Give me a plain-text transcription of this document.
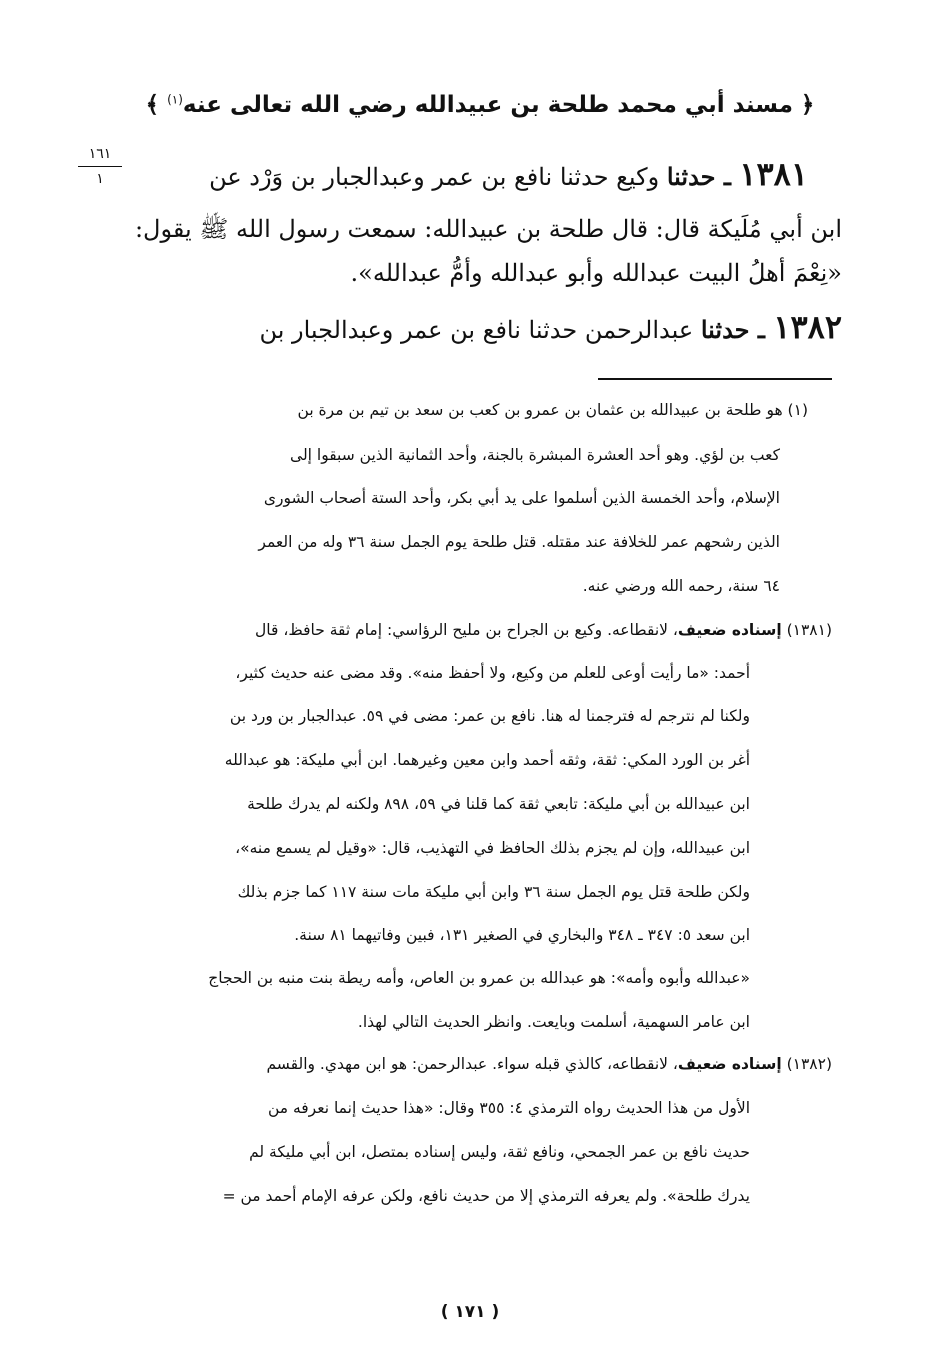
﴿ مسند أبي محمد طلحة بن عبيدالله رضي الله تعالى عنه$^{(١)}$ ﴾
١٦١
١	١٣٨١ ـ حدثنا وكيع حدثنا نافع بن عمر وعبدالجبار بن وَرْد عن
ابن أبي مُلَيكة قال: قال طلحة بن عبيدالله: سمعت رسول الله ﷺ يقول:
«نِعْمَ أهلُ البيت عبدالله وأبو عبدالله وأمُّ عبدالله».
١٣٨٢ ـ حدثنا عبدالرحمن حدثنا نافع بن عمر وعبدالجبار بن
(١) هو طلحة بن عبيدالله بن عثمان بن عمرو بن كعب بن سعد بن تيم بن مرة بن
كعب بن لؤي. وهو أحد العشرة المبشرة بالجنة، وأحد الثمانية الذين سبقوا إلى
الإسلام، وأحد الخمسة الذين أسلموا على يد أبي بكر، وأحد الستة أصحاب الشورى
الذين رشحهم عمر للخلافة عند مقتله. قتل طلحة يوم الجمل سنة ٣٦ وله من العمر
٦٤ سنة، رحمه الله ورضي عنه.
(١٣٨١) إسناده ضعيف، لانقطاعه. وكيع بن الجراح بن مليح الرؤاسي: إمام ثقة حافظ، قال
أحمد: «ما رأيت أوعى للعلم من وكيع، ولا أحفظ منه». وقد مضى عنه حديث كثير،
ولكنا لم نترجم له فترجمنا له هنا. نافع بن عمر: مضى في ٥٩. عبدالجبار بن ورد بن
أغر بن الورد المكي: ثقة، وثقه أحمد وابن معين وغيرهما. ابن أبي مليكة: هو عبدالله
ابن عبيدالله بن أبي مليكة: تابعي ثقة كما قلنا في ٥٩، ٨٩٨ ولكنه لم يدرك طلحة
ابن عبيدالله، وإن لم يجزم بذلك الحافظ في التهذيب، قال: «وقيل لم يسمع منه»،
ولكن طلحة قتل يوم الجمل سنة ٣٦ وابن أبي مليكة مات سنة ١١٧ كما جزم بذلك
ابن سعد ٥: ٣٤٧ ـ ٣٤٨ والبخاري في الصغير ١٣١، فبين وفاتيهما ٨١ سنة.
«عبدالله وأبوه وأمه»: هو عبدالله بن عمرو بن العاص، وأمه ريطة بنت منبه بن الحجاج
ابن عامر السهمية، أسلمت وبايعت. وانظر الحديث التالي لهذا.
(١٣٨٢) إسناده ضعيف، لانقطاعه، كالذي قبله سواء. عبدالرحمن: هو ابن مهدي. والقسم
الأول من هذا الحديث رواه الترمذي ٤: ٣٥٥ وقال: «هذا حديث إنما نعرفه من
حديث نافع بن عمر الجمحي، ونافع ثقة، وليس إسناده بمتصل، ابن أبي مليكة لم
يدرك طلحة». ولم يعرفه الترمذي إلا من حديث نافع، ولكن عرفه الإمام أحمد من =
( ١٧١ )
